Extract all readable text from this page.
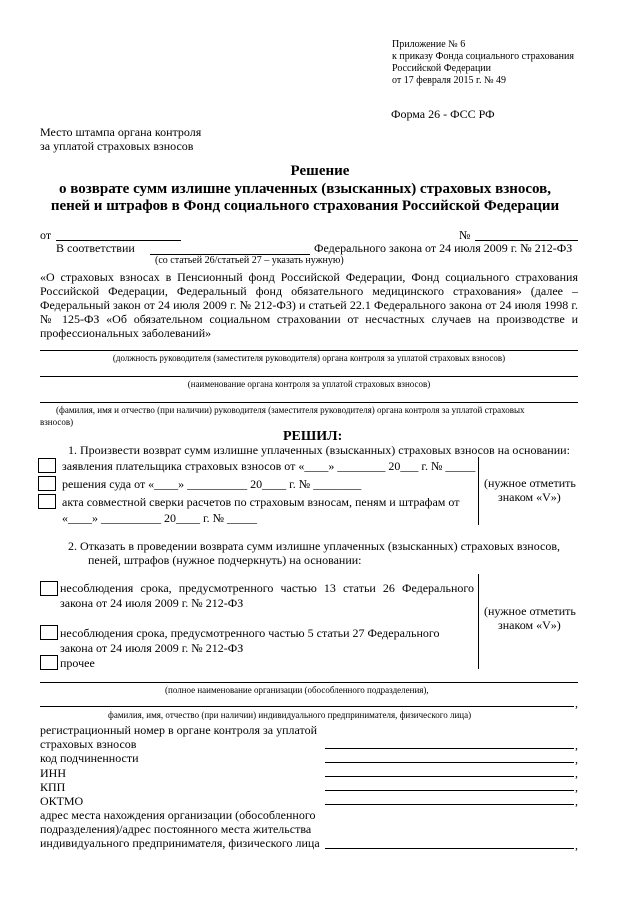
Приложение № 6
к приказу Фонда социального страхования
Российской Федерации
от 17 февраля 2015 г. № 49
Форма 26 - ФСС РФ
Место штампа органа контроля
за уплатой страховых взносов
Решение
о возврате сумм излишне уплаченных (взысканных) страховых взносов,
пеней и штрафов в Фонд социального страхования Российской Федерации
от	№
В соответствии	Федерального закона от 24 июля 2009 г. № 212-ФЗ
(со статьей 26/статьей 27 – указать нужную)
«О страховых взносах в Пенсионный фонд Российской Федерации, Фонд социального страхования
Российской Федерации, Федеральный фонд обязательного медицинского страхования» (далее –
Федеральный закон от 24 июля 2009 г. № 212-ФЗ) и статьей 22.1 Федерального закона от 24 июля 1998 г.
№ 125-ФЗ «Об обязательном социальном страховании от несчастных случаев на производстве и
профессиональных заболеваний»
(должность руководителя (заместителя руководителя) органа контроля за уплатой страховых взносов)
(наименование органа контроля за уплатой страховых взносов)
(фамилия, имя и отчество (при наличии) руководителя (заместителя руководителя) органа контроля за уплатой страховых
взносов)
РЕШИЛ:
1. Произвести возврат сумм излишне уплаченных (взысканных) страховых взносов на основании:
заявления плательщика страховых взносов от «____» ________ 20___ г. № _____
решения суда от «____» __________ 20____ г. № ________
акта совместной сверки расчетов по страховым взносам, пеням и штрафам от
«____» __________ 20____ г. № _____
(нужное отметить
знаком «V»)
2. Отказать в проведении возврата сумм излишне уплаченных (взысканных) страховых взносов,
пеней, штрафов (нужное подчеркнуть) на основании:
несоблюдения срока, предусмотренного частью 13 статьи 26 Федерального
закона от 24 июля 2009 г. № 212-ФЗ
несоблюдения срока, предусмотренного частью 5 статьи 27 Федерального
закона от 24 июля 2009 г. № 212-ФЗ
прочее
(нужное отметить
знаком «V»)
(полное наименование организации (обособленного подразделения),
,
фамилия, имя, отчество (при наличии) индивидуального предпринимателя, физического лица)
регистрационный номер в органе контроля за уплатой
страховых взносов	,
код подчиненности	,
ИНН	,
КПП	,
ОКТМО	,
адрес места нахождения организации (обособленного
подразделения)/адрес постоянного места жительства
индивидуального предпринимателя, физического лица	,
